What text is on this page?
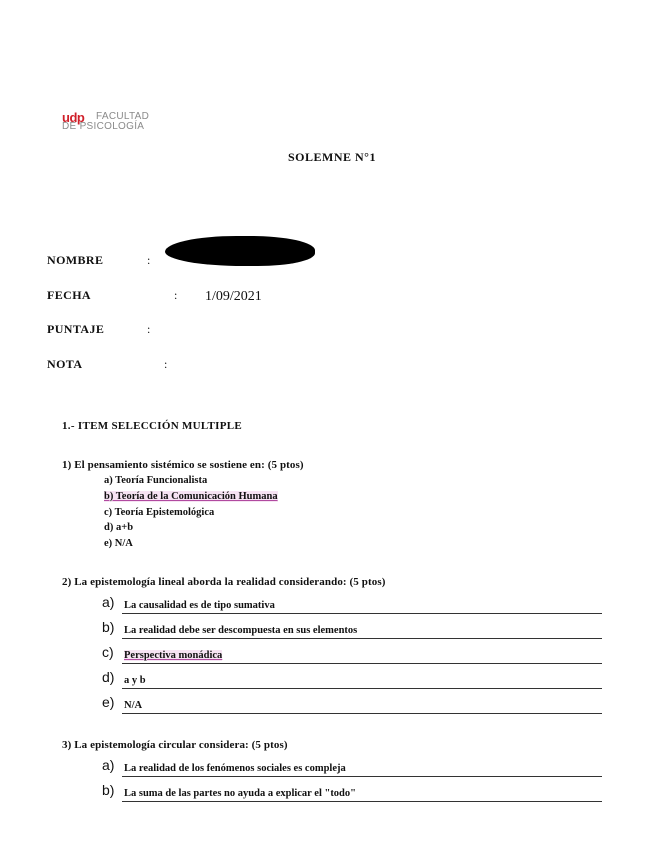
udp FACULTAD
DE PSICOLOGÍA
SOLEMNE N°1
NOMBRE	:
FECHA	: 1/09/2021
PUNTAJE	:
NOTA	:
1.- ITEM SELECCIÓN MULTIPLE
1) El pensamiento sistémico se sostiene en: (5 ptos)
a) Teoría Funcionalista
b) Teoría de la Comunicación Humana
c) Teoría Epistemológica
d) a+b
e) N/A
2) La epistemología lineal aborda la realidad considerando: (5 ptos)
a) La causalidad es de tipo sumativa
b) La realidad debe ser descompuesta en sus elementos
c) Perspectiva monádica
d) a y b
e) N/A
3) La epistemología circular considera: (5 ptos)
a) La realidad de los fenómenos sociales es compleja
b) La suma de las partes no ayuda a explicar el "todo"
